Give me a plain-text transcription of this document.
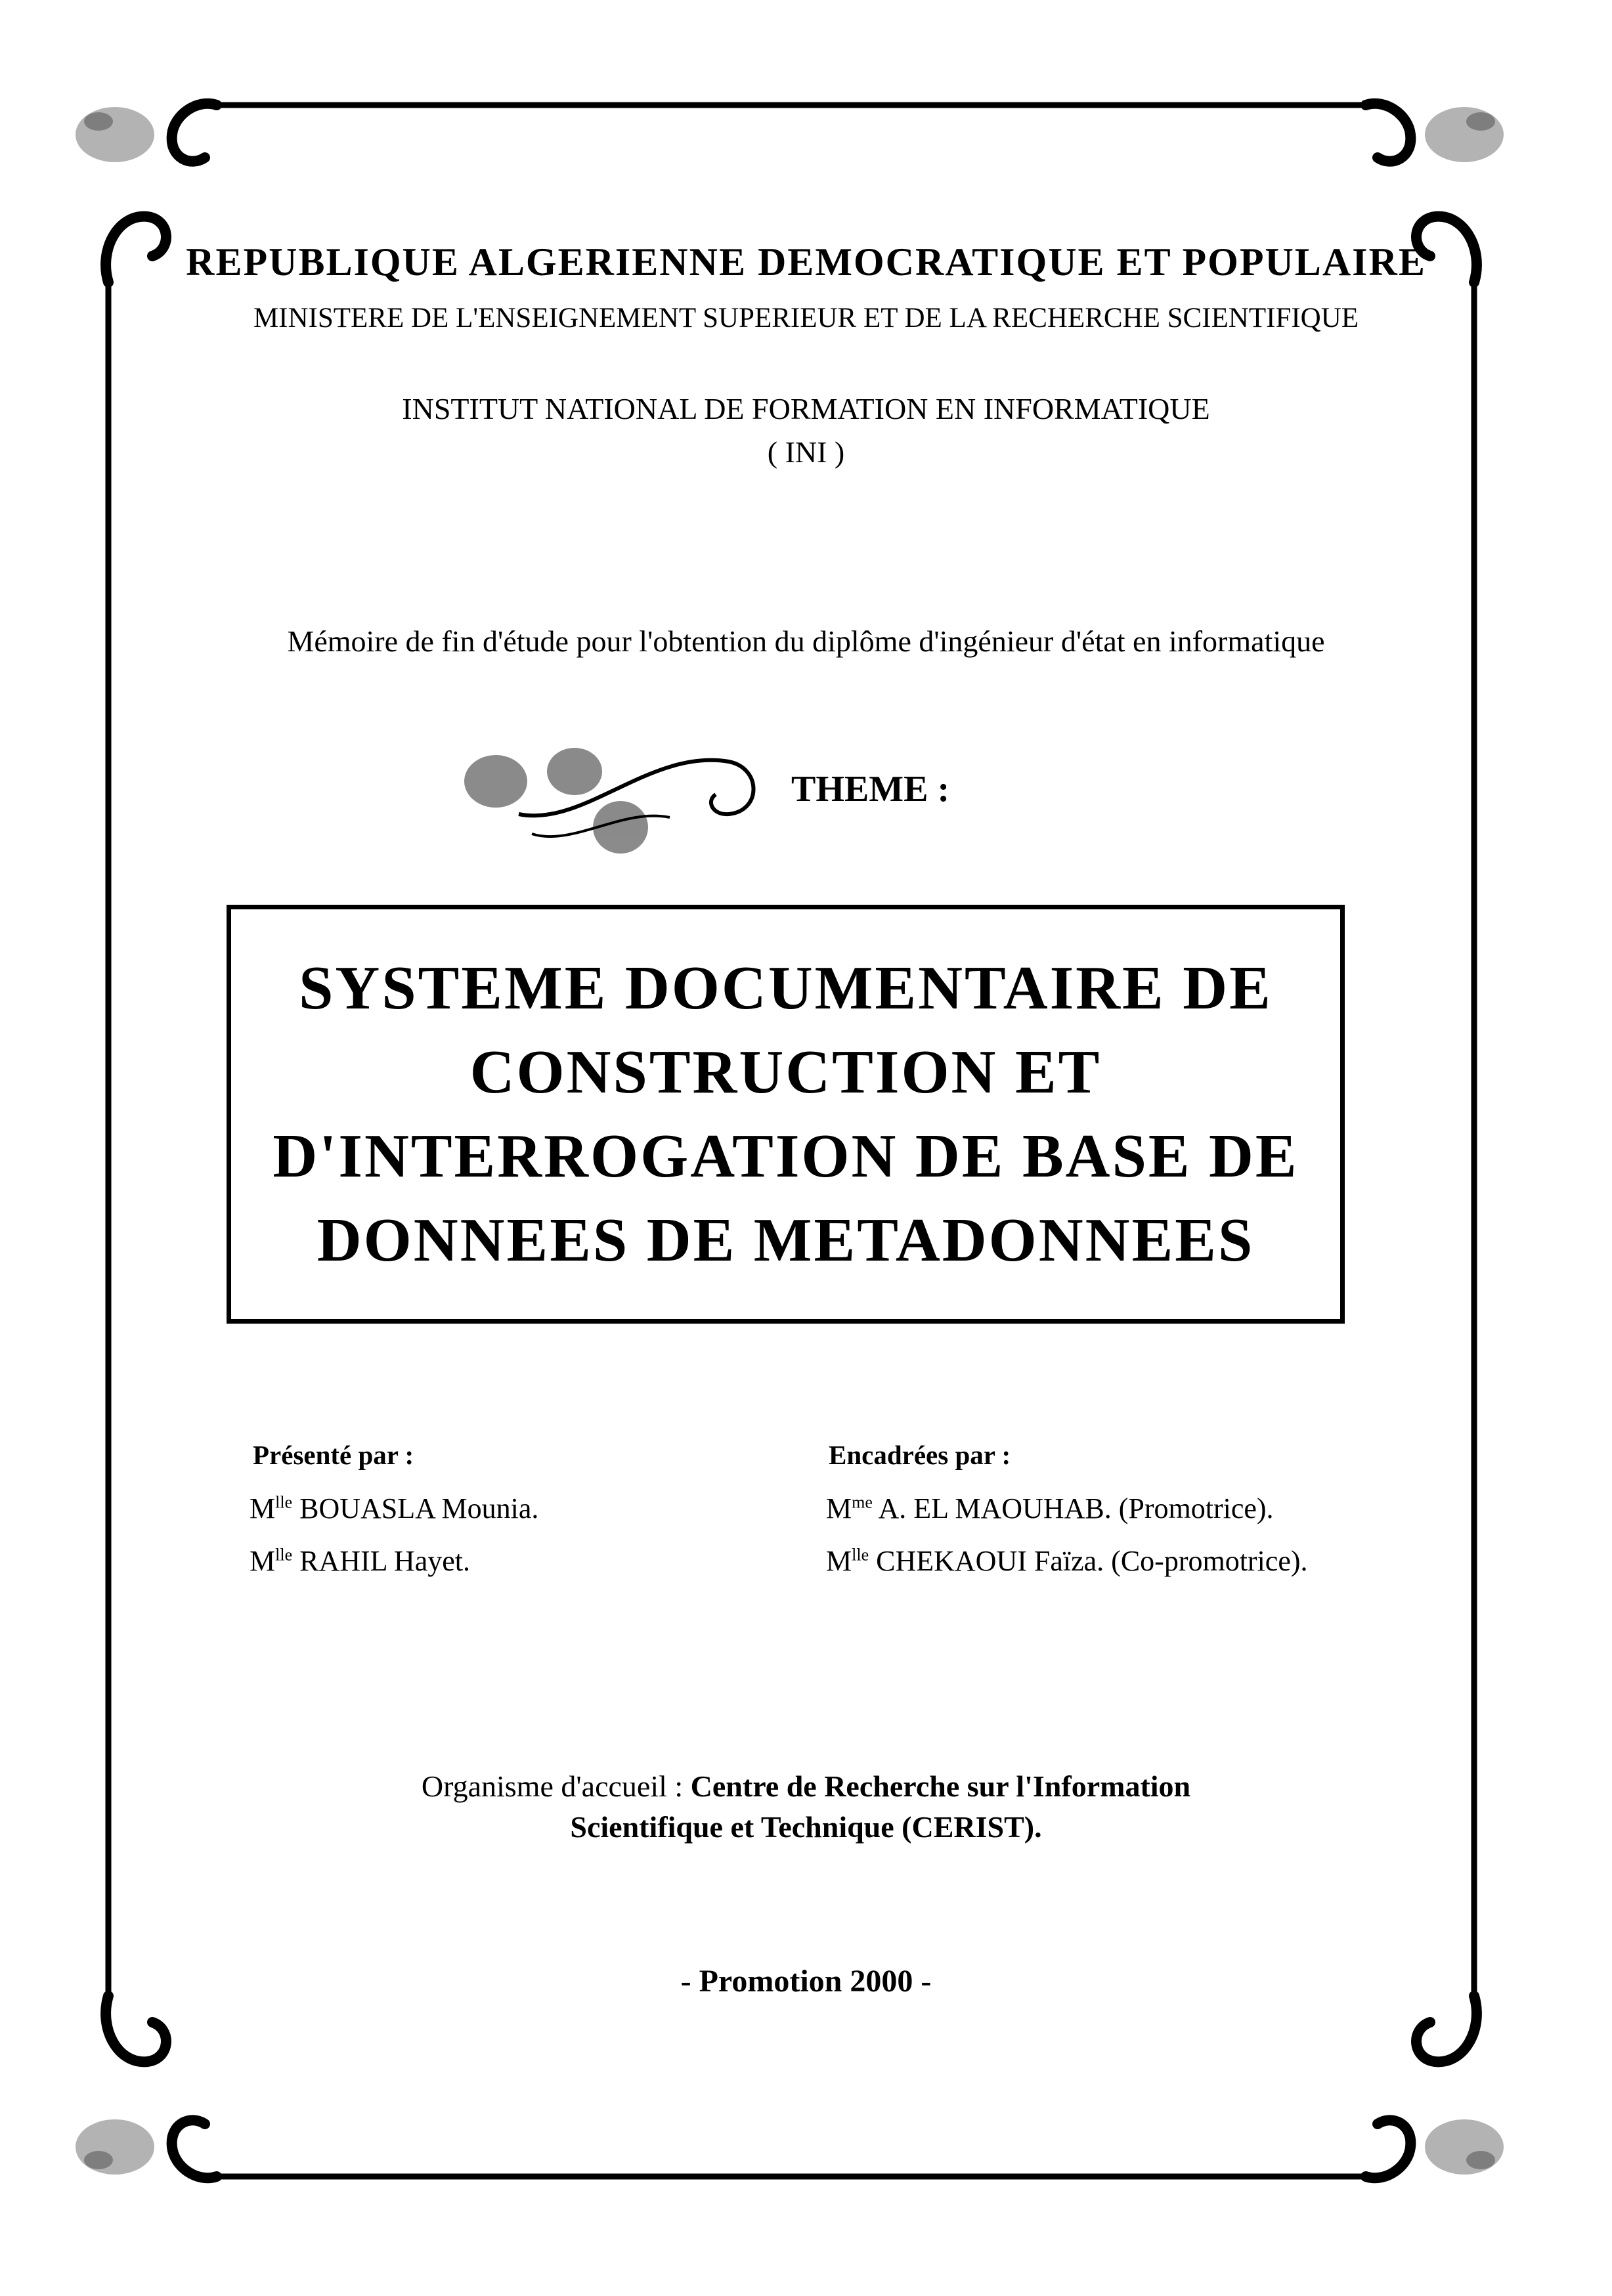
REPUBLIQUE ALGERIENNE DEMOCRATIQUE ET POPULAIRE
MINISTERE DE L'ENSEIGNEMENT SUPERIEUR ET DE LA RECHERCHE SCIENTIFIQUE
INSTITUT NATIONAL DE FORMATION EN INFORMATIQUE
( INI )
Mémoire de fin d'étude pour l'obtention du diplôme d'ingénieur d'état en informatique
THEME :
SYSTEME DOCUMENTAIRE DE
CONSTRUCTION ET
D'INTERROGATION DE BASE DE
DONNEES DE METADONNEES
Présenté par :
$M^{lle}$ BOUASLA Mounia.
$M^{lle}$ RAHIL Hayet.
Encadrées par :
$M^{me}$ A. EL MAOUHAB. (Promotrice).
$M^{lle}$ CHEKAOUI Faïza. (Co-promotrice).
Organisme d'accueil : Centre de Recherche sur l'Information
Scientifique et Technique (CERIST).
- Promotion 2000 -
